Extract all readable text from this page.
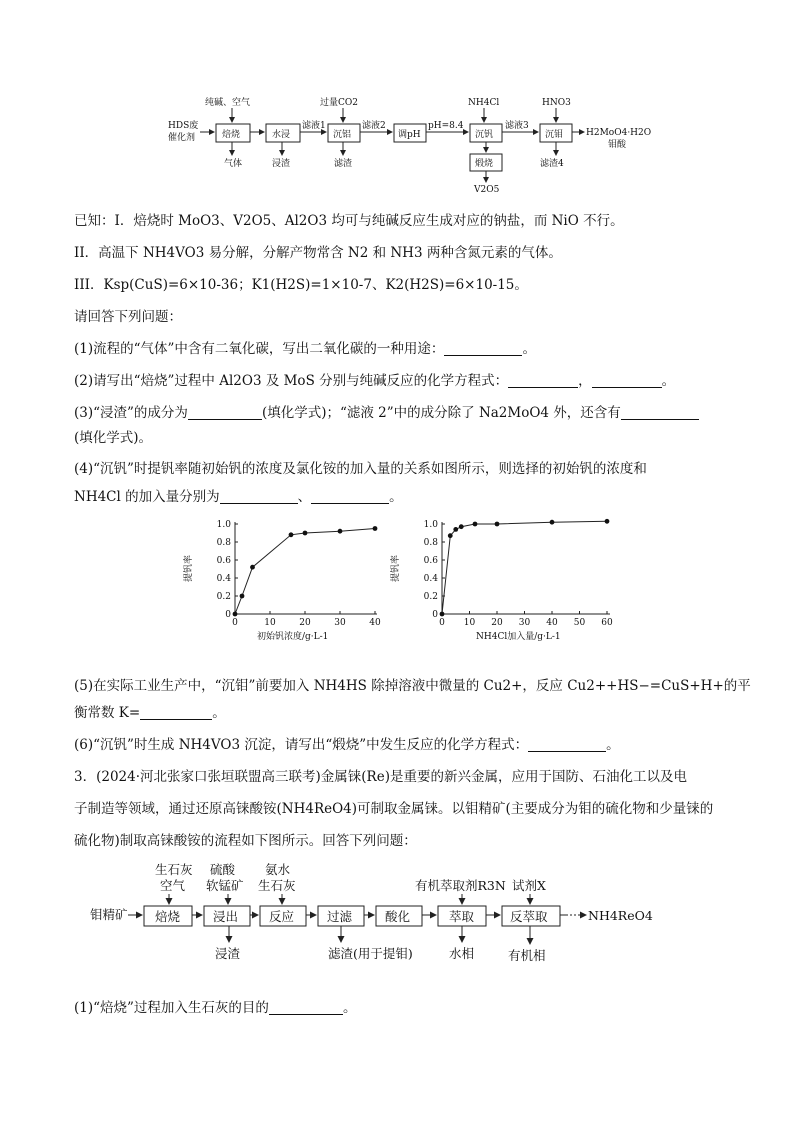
HDS废
催化剂
纯碱、空气
焙烧
气体
水浸
浸渣
滤液1
过量CO2
沉铝
滤渣
滤液2
调pH
pH=8.4
NH4Cl
沉钒
煅烧
V2O5
滤液3
HNO3
沉钼
滤渣4
H2MoO4·H2O
钼酸
已知：I．焙烧时 MoO3、V2O5、Al2O3 均可与纯碱反应生成对应的钠盐，而 NiO 不行。
II．高温下 NH4VO3 易分解，分解产物常含 N2 和 NH3 两种含氮元素的气体。
III．Ksp(CuS)=6×10-36；K1(H2S)=1×10-7、K2(H2S)=6×10-15。
请回答下列问题：
(1)流程的“气体”中含有二氧化碳，写出二氧化碳的一种用途：	。
(2)请写出“焙烧”过程中 Al2O3 及 MoS 分别与纯碱反应的化学方程式：	，	。
(3)“浸渣”的成分为	(填化学式)；“滤液 2”中的成分除了 Na2MoO4 外，还含有
(填化学式)。
(4)“沉钒”时提钒率随初始钒的浓度及氯化铵的加入量的关系如图所示，则选择的初始钒的浓度和
NH4Cl 的加入量分别为	、	。
提钒率
初始钒浓度/g·L-1
0
0.2
0.4
0.6
0.8
1.0
0	10	20	30	40
提钒率
NH4Cl加入量/g·L-1
0
0.2
0.4
0.6
0.8
1.0
0 10 20 30 40 50 60
(5)在实际工业生产中，“沉钼”前要加入 NH4HS 除掉溶液中微量的 Cu2+，反应 Cu2++HS−=CuS+H+的平
衡常数 K=	。
(6)“沉钒”时生成 NH4VO3 沉淀，请写出“煅烧”中发生反应的化学方程式：	。
3．(2024·河北张家口张垣联盟高三联考)金属铼(Re)是重要的新兴金属，应用于国防、石油化工以及电
子制造等领域，通过还原高铼酸铵(NH4ReO4)可制取金属铼。以钼精矿(主要成分为钼的硫化物和少量铼的
硫化物)制取高铼酸铵的流程如下图所示。回答下列问题：
钼精矿
生石灰
空气
焙烧
硫酸
软锰矿
浸出
浸渣
氨水
生石灰
反应	过滤
滤渣(用于提钼)
酸化
有机萃取剂R3N
萃取
水相
试剂X
反萃取
有机相
NH4ReO4
(1)“焙烧”过程加入生石灰的目的	。
